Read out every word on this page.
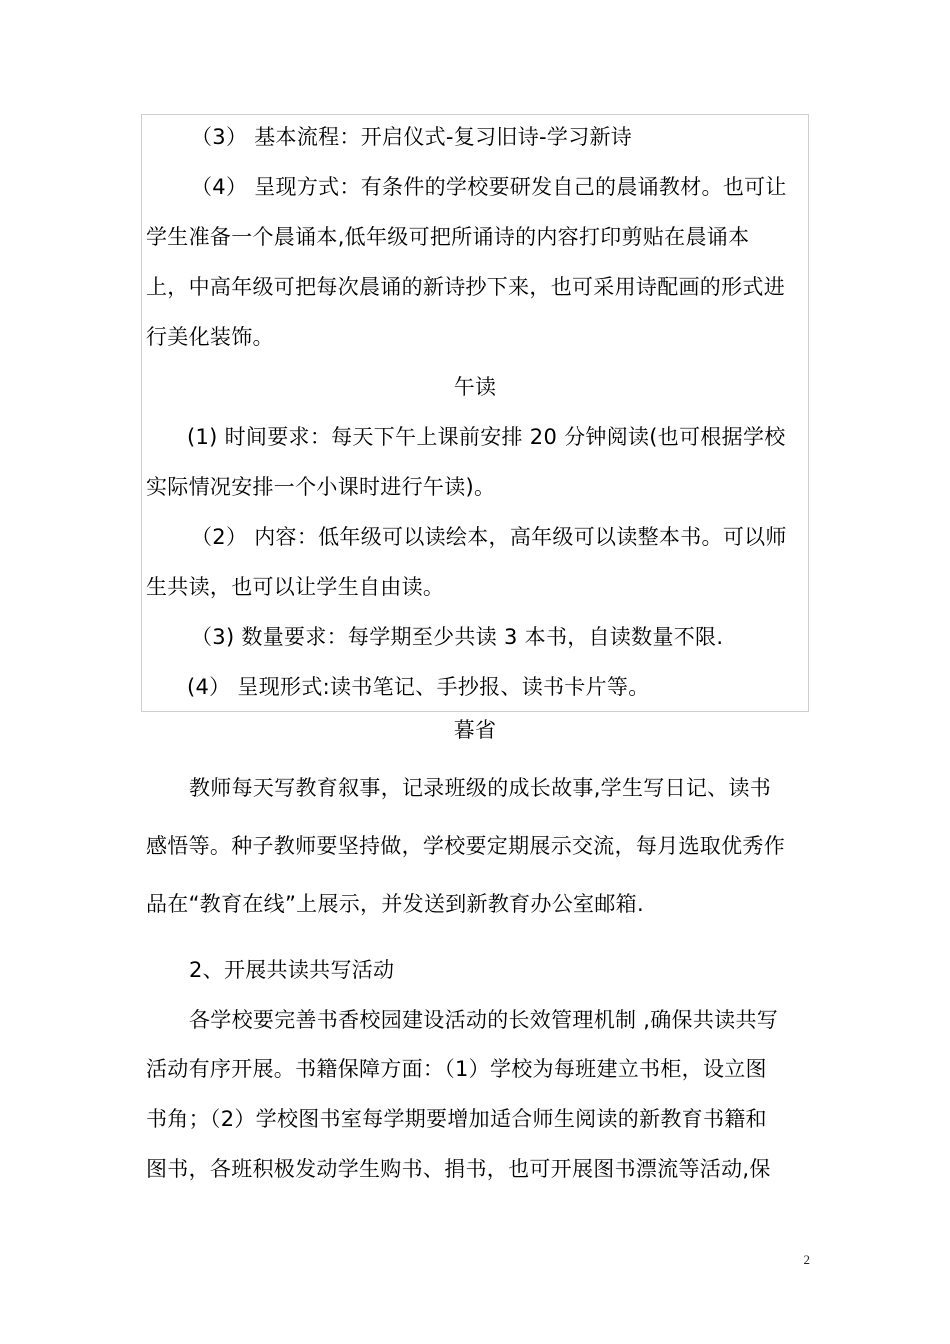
（3） 基本流程：开启仪式-复习旧诗-学习新诗
（4） 呈现方式：有条件的学校要研发自己的晨诵教材。也可让
学生准备一个晨诵本,低年级可把所诵诗的内容打印剪贴在晨诵本
上，中高年级可把每次晨诵的新诗抄下来，也可采用诗配画的形式进
行美化装饰。
午读
(1) 时间要求：每天下午上课前安排 20 分钟阅读(也可根据学校
实际情况安排一个小课时进行午读)。
（2） 内容：低年级可以读绘本，高年级可以读整本书。可以师
生共读，也可以让学生自由读。
（3) 数量要求：每学期至少共读 3 本书，自读数量不限.
(4） 呈现形式:读书笔记、手抄报、读书卡片等。
暮省
教师每天写教育叙事，记录班级的成长故事,学生写日记、读书
感悟等。种子教师要坚持做，学校要定期展示交流，每月选取优秀作
品在“教育在线”上展示，并发送到新教育办公室邮箱.
2、开展共读共写活动
各学校要完善书香校园建设活动的长效管理机制 ,确保共读共写
活动有序开展。书籍保障方面：（1）学校为每班建立书柜，设立图
书角；（2）学校图书室每学期要增加适合师生阅读的新教育书籍和
图书，各班积极发动学生购书、捐书，也可开展图书漂流等活动,保
2
